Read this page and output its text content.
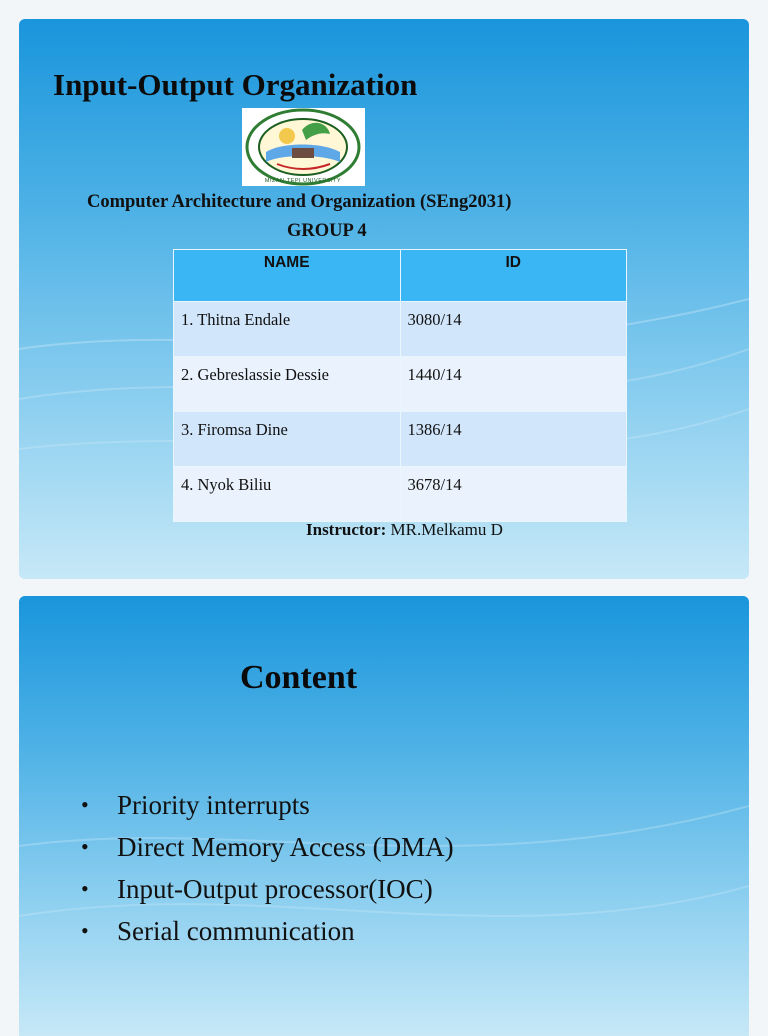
Input-Output Organization
MIZAN-TEPI UNIVERSITY
Computer Architecture and Organization (SEng2031)
GROUP 4
NAME	ID
1. Thitna Endale	3080/14
2. Gebreslassie Dessie	1440/14
3. Firomsa Dine	1386/14
4. Nyok Biliu	3678/14
Instructor: MR.Melkamu D
Content
• Priority interrupts
• Direct Memory Access (DMA)
• Input-Output processor(IOC)
• Serial communication
